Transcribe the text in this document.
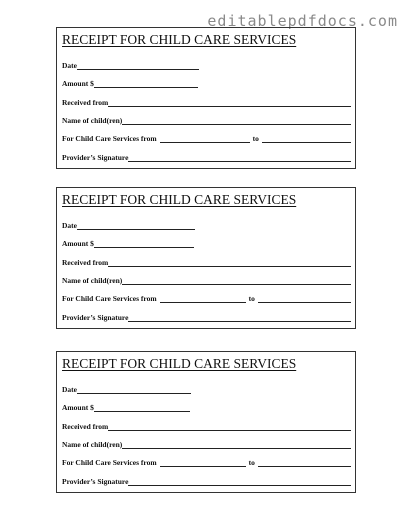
editablepdfdocs.com
RECEIPT FOR CHILD CARE SERVICES
Date
Amount $
Received from
Name of child(ren)
For Child Care Services from	to
Provider’s Signature
RECEIPT FOR CHILD CARE SERVICES
Date
Amount $
Received from
Name of child(ren)
For Child Care Services from	to
Provider’s Signature
RECEIPT FOR CHILD CARE SERVICES
Date
Amount $
Received from
Name of child(ren)
For Child Care Services from	to
Provider’s Signature
